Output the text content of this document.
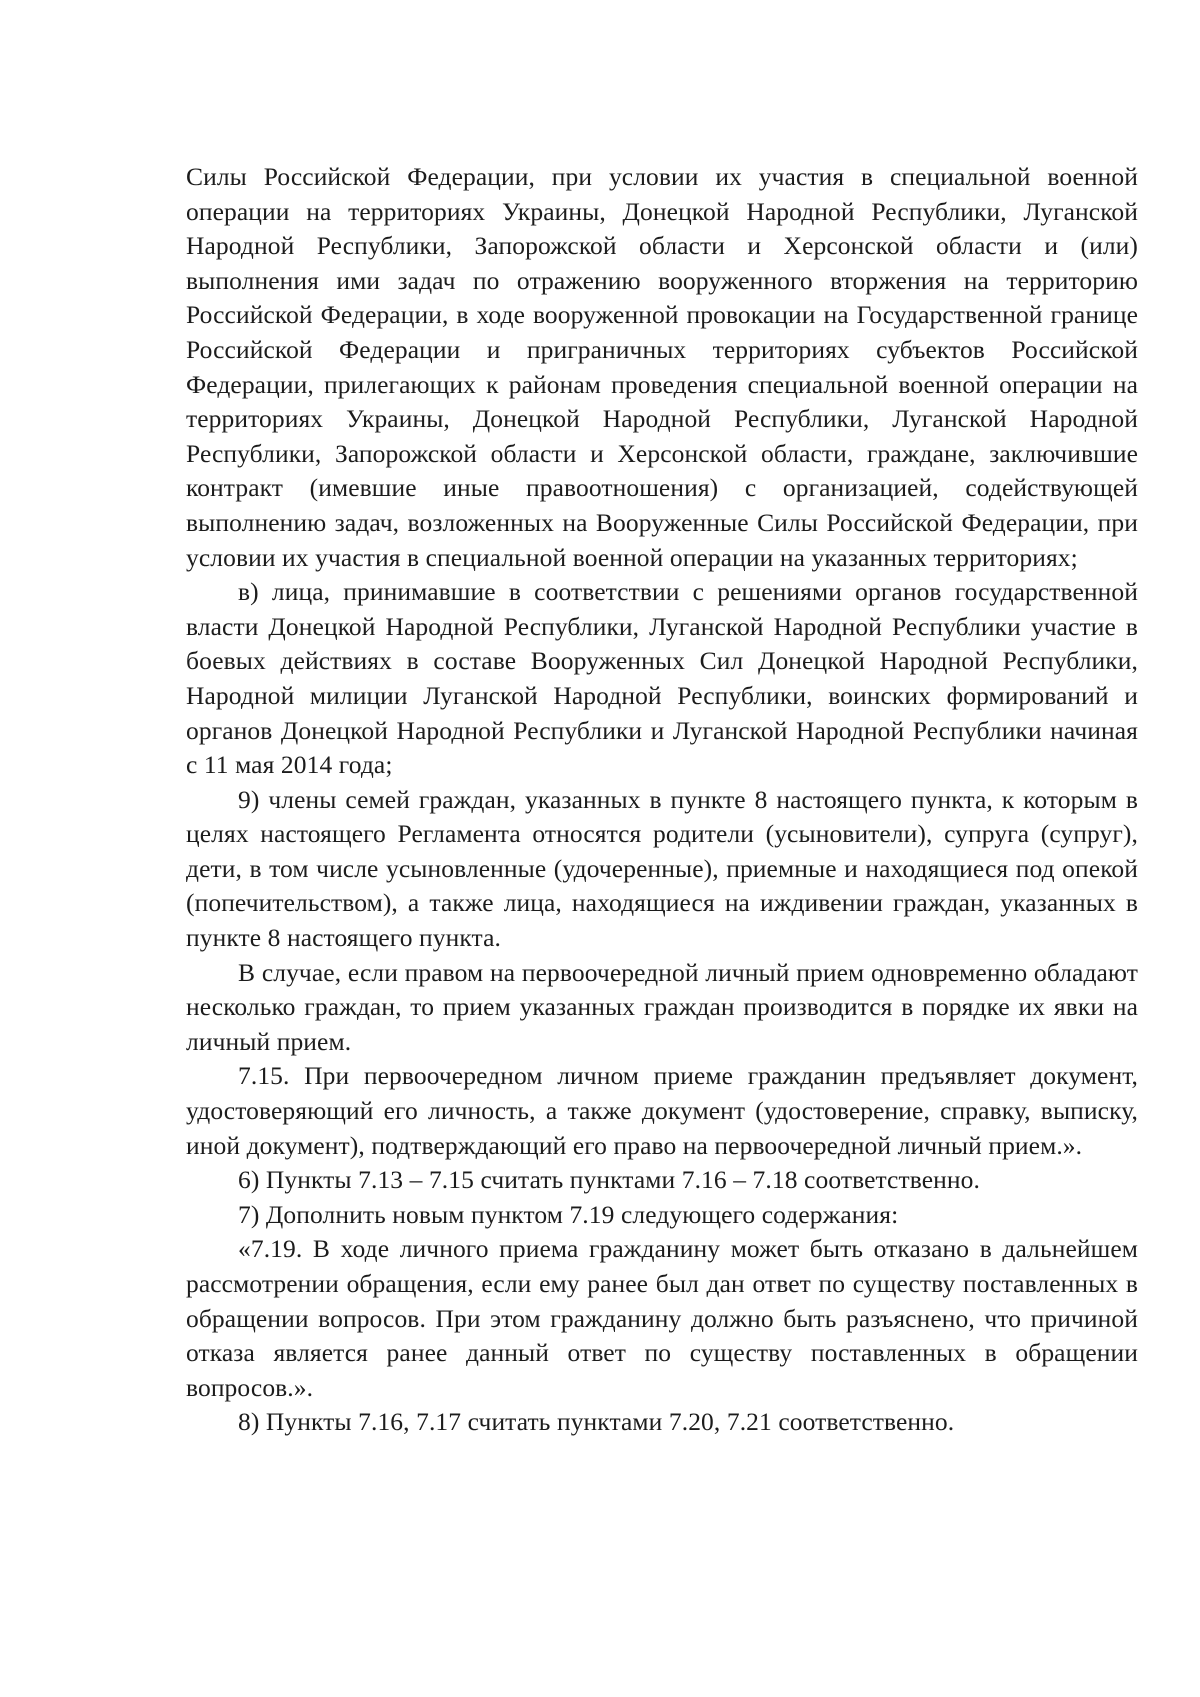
Силы Российской Федерации, при условии их участия в специальной военной операции на территориях Украины, Донецкой Народной Республики, Луганской Народной Республики, Запорожской области и Херсонской области и (или) выполнения ими задач по отражению вооруженного вторжения на территорию Российской Федерации, в ходе вооруженной провокации на Государственной границе Российской Федерации и приграничных территориях субъектов Российской Федерации, прилегающих к районам проведения специальной военной операции на территориях Украины, Донецкой Народной Республики, Луганской Народной Республики, Запорожской области и Херсонской области, граждане, заключившие контракт (имевшие иные правоотношения) с организацией, содействующей выполнению задач, возложенных на Вооруженные Силы Российской Федерации, при условии их участия в специальной военной операции на указанных территориях;

в) лица, принимавшие в соответствии с решениями органов государственной власти Донецкой Народной Республики, Луганской Народной Республики участие в боевых действиях в составе Вооруженных Сил Донецкой Народной Республики, Народной милиции Луганской Народной Республики, воинских формирований и органов Донецкой Народной Республики и Луганской Народной Республики начиная с 11 мая 2014 года;

9) члены семей граждан, указанных в пункте 8 настоящего пункта, к которым в целях настоящего Регламента относятся родители (усыновители), супруга (супруг), дети, в том числе усыновленные (удочеренные), приемные и находящиеся под опекой (попечительством), а также лица, находящиеся на иждивении граждан, указанных в пункте 8 настоящего пункта.

В случае, если правом на первоочередной личный прием одновременно обладают несколько граждан, то прием указанных граждан производится в порядке их явки на личный прием.

7.15. При первоочередном личном приеме гражданин предъявляет документ, удостоверяющий его личность, а также документ (удостоверение, справку, выписку, иной документ), подтверждающий его право на первоочередной личный прием.».

6) Пункты 7.13 – 7.15 считать пунктами 7.16 – 7.18 соответственно.

7) Дополнить новым пунктом 7.19 следующего содержания:

«7.19. В ходе личного приема гражданину может быть отказано в дальнейшем рассмотрении обращения, если ему ранее был дан ответ по существу поставленных в обращении вопросов. При этом гражданину должно быть разъяснено, что причиной отказа является ранее данный ответ по существу поставленных в обращении вопросов.».

8) Пункты 7.16, 7.17 считать пунктами 7.20, 7.21 соответственно.
